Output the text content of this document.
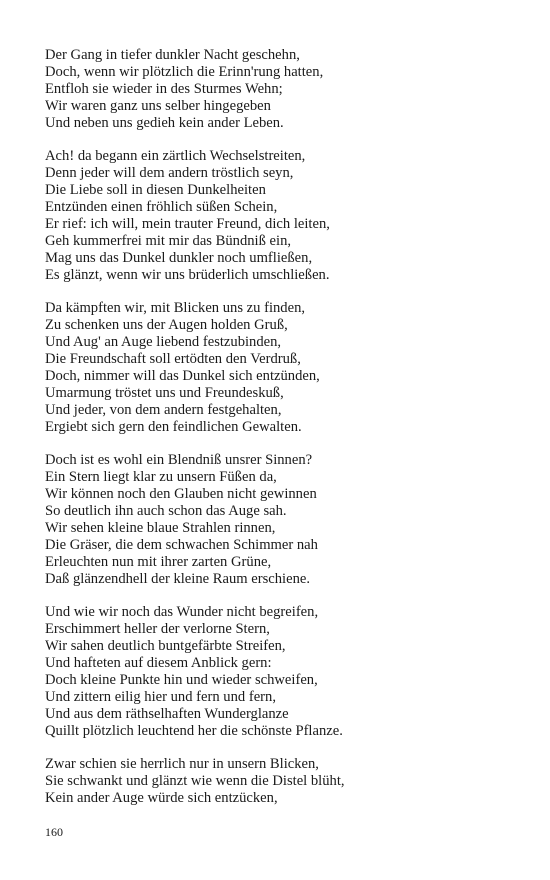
Der Gang in tiefer dunkler Nacht geschehn,
Doch, wenn wir plötzlich die Erinn'rung hatten,
Entfloh sie wieder in des Sturmes Wehn;
Wir waren ganz uns selber hingegeben
Und neben uns gedieh kein ander Leben.
Ach! da begann ein zärtlich Wechselstreiten,
Denn jeder will dem andern tröstlich seyn,
Die Liebe soll in diesen Dunkelheiten
Entzünden einen fröhlich süßen Schein,
Er rief: ich will, mein trauter Freund, dich leiten,
Geh kummerfrei mit mir das Bündniß ein,
Mag uns das Dunkel dunkler noch umfließen,
Es glänzt, wenn wir uns brüderlich umschließen.
Da kämpften wir, mit Blicken uns zu finden,
Zu schenken uns der Augen holden Gruß,
Und Aug' an Auge liebend festzubinden,
Die Freundschaft soll ertödten den Verdruß,
Doch, nimmer will das Dunkel sich entzünden,
Umarmung tröstet uns und Freundeskuß,
Und jeder, von dem andern festgehalten,
Ergiebt sich gern den feindlichen Gewalten.
Doch ist es wohl ein Blendniß unsrer Sinnen?
Ein Stern liegt klar zu unsern Füßen da,
Wir können noch den Glauben nicht gewinnen
So deutlich ihn auch schon das Auge sah.
Wir sehen kleine blaue Strahlen rinnen,
Die Gräser, die dem schwachen Schimmer nah
Erleuchten nun mit ihrer zarten Grüne,
Daß glänzendhell der kleine Raum erschiene.
Und wie wir noch das Wunder nicht begreifen,
Erschimmert heller der verlorne Stern,
Wir sahen deutlich buntgefärbte Streifen,
Und hafteten auf diesem Anblick gern:
Doch kleine Punkte hin und wieder schweifen,
Und zittern eilig hier und fern und fern,
Und aus dem räthselhaften Wunderglanze
Quillt plötzlich leuchtend her die schönste Pflanze.
Zwar schien sie herrlich nur in unsern Blicken,
Sie schwankt und glänzt wie wenn die Distel blüht,
Kein ander Auge würde sich entzücken,
160
